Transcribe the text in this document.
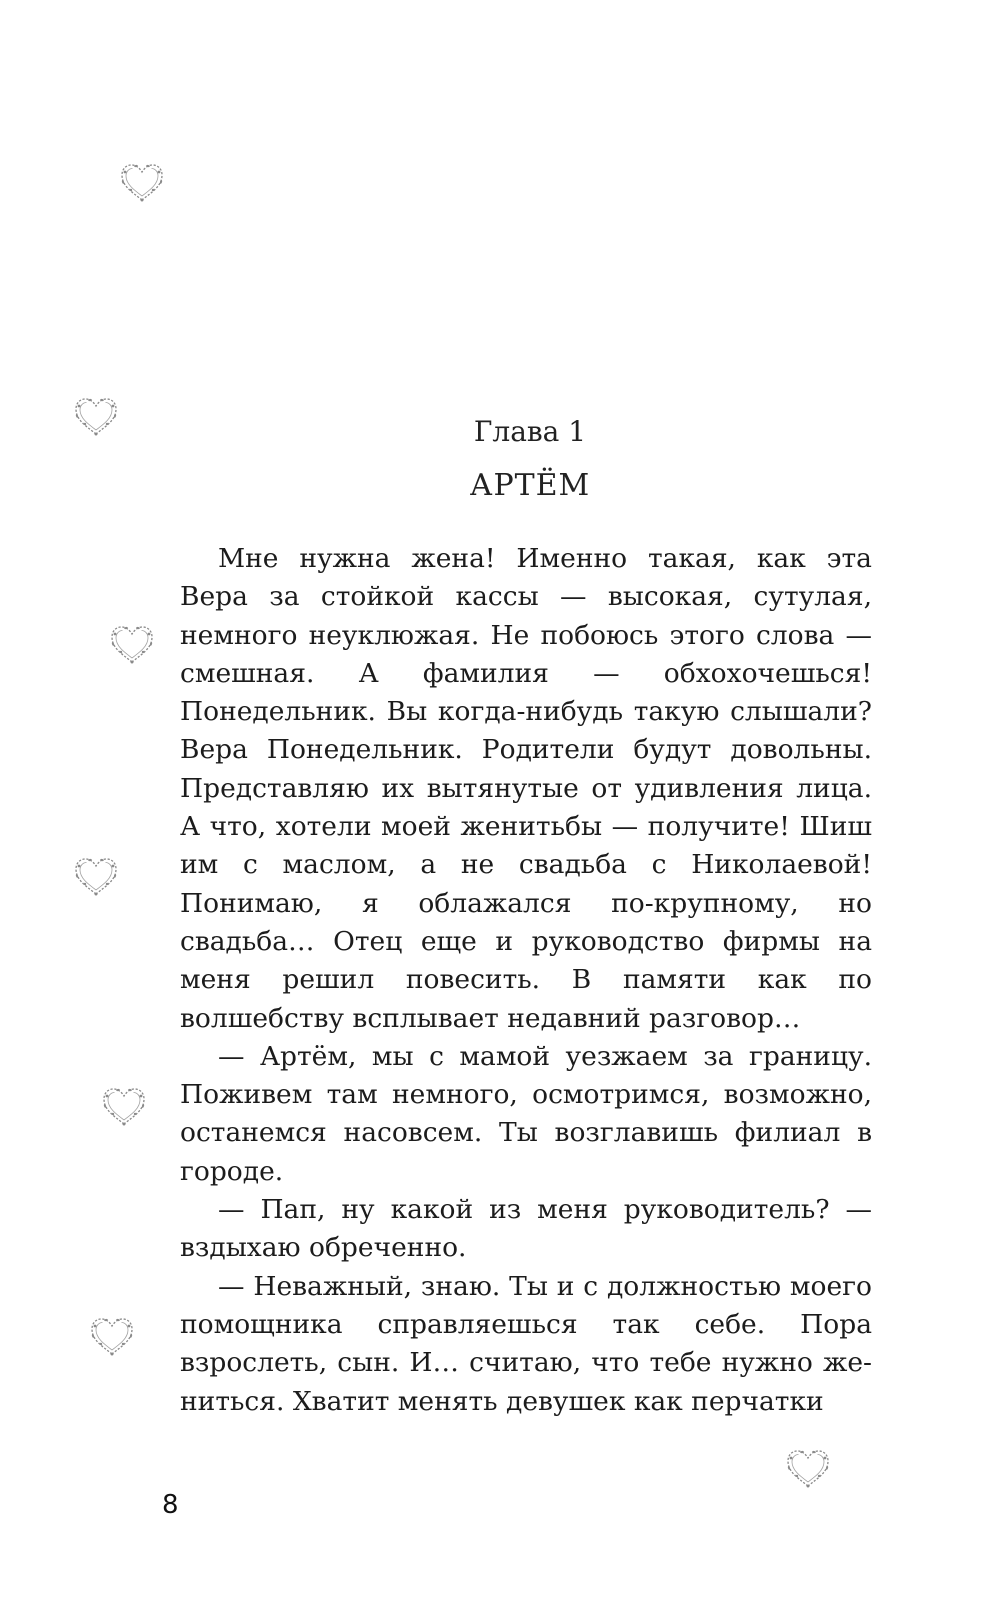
Глава 1
АРТЁМ

Мне нужна жена! Именно такая, как эта Вера за стойкой кассы — высокая, сутулая, немного неуклюжая. Не побоюсь этого слова — смешная. А фамилия — обхохочешься! Понедельник. Вы когда-нибудь такую слышали? Вера Понедельник. Родители будут довольны. Представляю их вытянутые от удивления лица. А что, хотели моей женитьбы — получите! Шиш им с маслом, а не свадьба с Николаевой! Понимаю, я облажался по-крупному, но свадьба… Отец еще и руководство фирмы на меня решил повесить. В памяти как по волшебству всплывает недавний разговор…

— Артём, мы с мамой уезжаем за границу. Поживем там немного, осмотримся, возможно, останемся насовсем. Ты возглавишь филиал в городе.

— Пап, ну какой из меня руководитель? — вздыхаю обреченно.

— Неважный, знаю. Ты и с должностью моего помощника справляешься так себе. Пора взрослеть, сын. И… считаю, что тебе нужно жениться. Хватит менять девушек как перчатки

8
